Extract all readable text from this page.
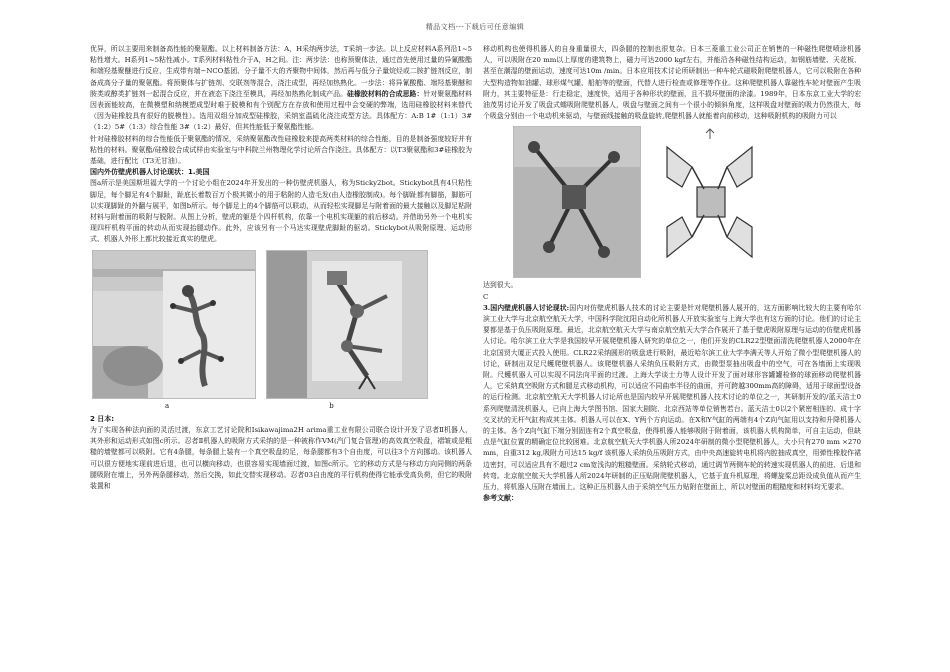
精品文档---下载后可任意编辑

优异，所以主要用来制备高性能的聚氨酯。以上材料制备方法：A，H采纳两步法，T采纳一步法。以上反应材料A系列沿1~5粘性增大。H系列1~5粘性减小。T系列材料粘性介于A，H之间。注：两步法：也称预聚体法，通过首先使用过量的异氰酸酯和端羟基聚醚进行反应，生成带有端−NCO基团、分子量不大的齐聚物中间体，然后再与低分子量烷烃或二胺扩链剂反应，制备成高分子量的聚氨酯。将预聚体与扩链剂、交联剂等混合，浇注成型，再经加热熟化。一步法：将异氰酸酯、端羟基聚醚和胺类或醇类扩链剂一起混合反应，并在液态下浇注至模具，再经加热熟化制成产品。硅橡胶材料的合成思路：针对聚氨酯材料因表面能较高，在微模塑和纳模塑成型时难于脱模和有个别配方在存放和使用过程中会变硬的弊端，选用硅橡胶材料来替代（因为硅橡胶具有很好的脱模性）。选用双组分加成型硅橡胶，采纳室温硫化浇注成型方法。具体配方：A:B 1#（1:1）3#（1:2）5#（1:3）综合性能 3#（1:2）最好，但其性能低于聚氨酯性能。

针对硅橡胶材料的综合性能低于聚氨酯的情况，采纳聚氨酯改性硅橡胶来提高两类材料的综合性能，目的是制备强度较好并有粘性的材料。聚氨酯/硅橡胶合成试样由实验室与中科院兰州物理化学讨论所合作浇注。具体配方：以T3聚氨酯和3#硅橡胶为基础，进行配比（T3无甘油）。

国内外仿壁虎机器人讨论现状：1.美国

图a所示是美国斯坦福大学的一个讨论小组在2024年开发出的一种仿壁虎机器人，称为Sticky2bot。Stickybot具有4只粘性脚足，每个脚足有4个脚趾，趾底长着数百万个极其微小的用于粘附的人造毛发(由人造橡胶制成)。每个脚趾都有脚筋，脚筋可以实现脚趾的外翻与展平，如图b所示。每个脚足上的4个脚筋可以联动，从而轻松实现脚足与附着面的最大接触以及脚足粘附材料与附着面的吸附与脱附。从图上分析，壁虎的躯是个四杆机构，依靠一个电机实现躯的前后移动。并借助另外一个电机实现四杆机构平面的转动从而实现抬腿动作。此外，应该另有一个马达实现壁虎脚趾的驱动。Stickybot从吸附原理、运动形式、机器人外形上都比较接近真实的壁虎。

a	b

2 日本:

为了实现各种法向面的灵活过渡，东京工艺讨论院和Isikawajima2H arima重工业有限公司联合设计开发了忍者Ⅱ机器人，其外形和运动形式如图c所示。忍者Ⅱ机器人的吸附方式采纳的是一种被称作VM(汽门复合管理)的高效真空吸盘，褶皱或是粗糙的墙壁都可以吸附。它有4条腿，每条腿上装有一个真空吸盘的足，每条腿都有3个自由度，可以往3个方向挪动。该机器人可以很方便地实现前进后退，也可以横向移动，也很容易实现墙面过渡，如图c所示。它的移动方式是与移动方向同侧的两条腿吸附在墙上，另外两条腿移动，然后交换，如此交替实现移动。忍者03自由度的平行机构使得它能承受高负荷，但它的吸附装置和

移动机构也使得机器人的自身重量很大，四条腿的控制也很复杂。日本三菱重工业公司正在销售的一种磁性爬壁喷涂机器人，可以吸附在20 mm以上厚度的建筑物上，磁力可达2000 kgf左右，并能沿各种磁性结构运动，如钢筋墙壁、天花板、甚至在潮湿的壁面运动，速度可达10m /min。日本应用技术讨论所研制出一种车轮式磁吸附爬壁机器人，它可以吸附在各种大型构造物如油罐、球形煤气罐、船舶等的壁面，代替人进行检查或修理等作业。这种爬壁机器人靠磁性车轮对壁面产生吸附力，其主要特征是：行走稳定，速度快，适用于各种形状的壁面，且不损坏壁面的涂漆。1989年，日本东京工业大学的宏油茂男讨论开发了吸盘式蠕吸附爬壁机器人，吸盘与壁面之间有一个很小的倾斜角度，这样吸盘对壁面的吸力仍然很大，每个吸盘分别由一个电动机来驱动，与壁面线接触的吸盘旋转,爬壁机器人就能着向前移动，这种吸附机构的吸附力可以

达到很大。

C

3.国内壁虎机器人讨论现状:国内对仿壁虎机器人技术的讨论主要是针对爬壁机器人展开的，这方面影响比较大的主要有哈尔滨工业大学与北京航空航天大学，中国科学院沈阳自动化所机器人开放实验室与上海大学也有这方面的讨论。他们的讨论主要都是基于负压吸附原理。最近，北京航空航天大学与南京航空航天大学合作展开了基于壁虎吸附原理与运动的仿壁虎机器人讨论。哈尔滨工业大学是我国较早开展爬壁机器人研究的单位之一，他们开发的CLR22型壁面清洗爬壁机器人2000年在北京国贸大厦正式投入使用。CLR22采纳圆形的吸盘进行吸附，最近哈尔滨工业大学李满天等人开始了微小型爬壁机器人的讨论，研制出双足尺蠖爬壁机器人。该爬壁机器人采纳负压吸附方式，由微型泵抽出吸盘中的空气，可在各墙面上实现吸附。尺蠖机器人可以实现不同法向平面的过渡。上海大学谈士力等人设计开发了面对球形容罐罐检修的球面移动爬壁机器人，它采纳真空吸附方式和腿足式移动机构，可以适应不同曲率半径的曲面，并可跨越300mm高的障碍，适用于球面型设备的运行检测。北京航空航天大学机器人讨论所也是国内较早开展爬壁机器人技术讨论的单位之一，其研制开发的/蓝天洁士0系列爬壁清洗机器人，已向上海大学图书馆、国家大剧院、北京西站等单位销售若台。蓝天洁士0以2个紧密相连的、成十字交叉状的无杆气缸构成其主体。机器人可以在X、Y两个方向运动。在X和Y气缸的两端有4个Z向气缸用以支持和升降机器人的主体。各个Z向气缸下端分别固连有2个真空吸盘，使得机器人能够吸附于附着面，该机器人机构简单，可自主运动，但缺点是气缸位置的精确定位比较困难。北京航空航天大学机器人所2024年研制的微小型爬壁机器人，大小只有270 mm ×270 mm，自重312 kg,吸附力可达15 kg/f 该机器人采纳负压吸附方式，由中央高速旋转电机将内腔抽成真空，用弹性橡胶作裙边密封，可以适应具有不超过2 cm宽浅沟的粗糙壁面。采纳轮式移动，通过调节两侧车轮的转速实现机器人的前进、后退和转弯。北京航空航天大学机器人所2024年研制的正压贴附爬壁机器人，它基于直升机原理，将螺旋桨总距设成负值从而产生压力，将机器人压附在墙面上。这种正压机器人由于采纳空气压力贴附在壁面上，所以对壁面的粗糙度和材料均无要求。

参考文献：
